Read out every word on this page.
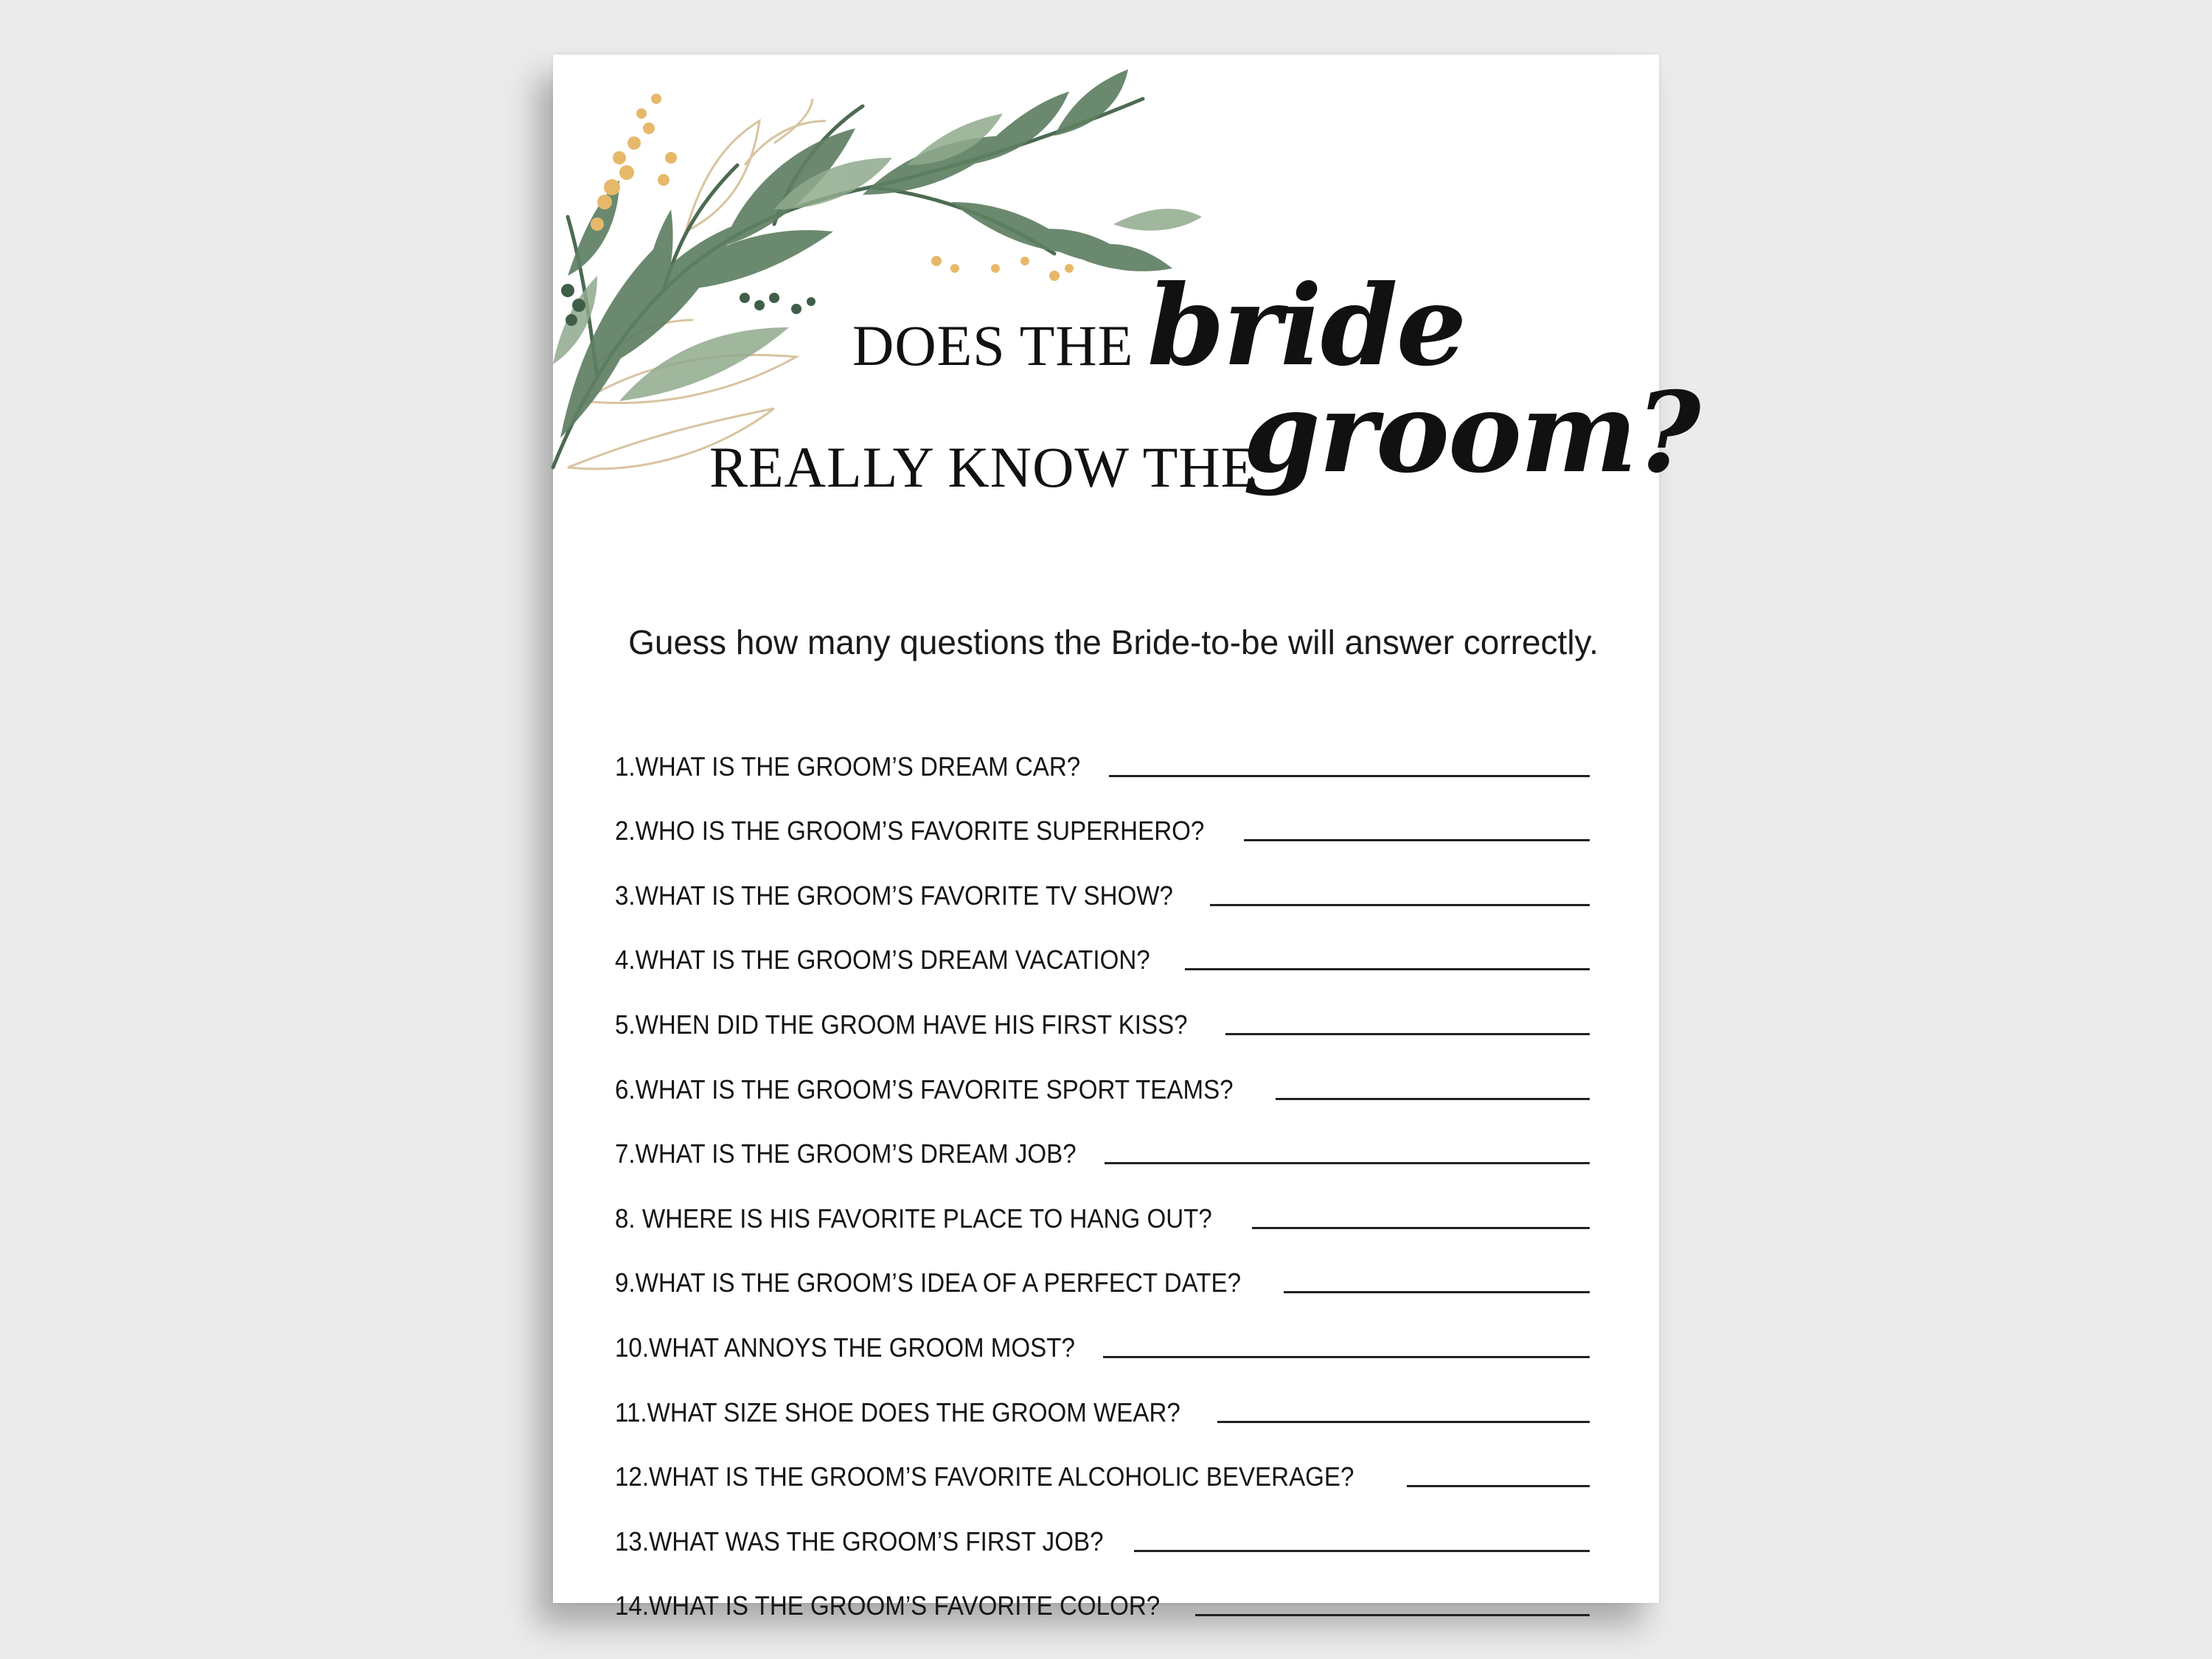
DOES THE bride
REALLY KNOW THE
groom?
Guess how many questions the Bride-to-be will answer correctly.
1.WHAT IS THE GROOM’S DREAM CAR?
2.WHO IS THE GROOM’S FAVORITE SUPERHERO?
3.WHAT IS THE GROOM’S FAVORITE TV SHOW?
4.WHAT IS THE GROOM’S DREAM VACATION?
5.WHEN DID THE GROOM HAVE HIS FIRST KISS?
6.WHAT IS THE GROOM’S FAVORITE SPORT TEAMS?
7.WHAT IS THE GROOM’S DREAM JOB?
8. WHERE IS HIS FAVORITE PLACE TO HANG OUT?
9.WHAT IS THE GROOM’S IDEA OF A PERFECT DATE?
10.WHAT ANNOYS THE GROOM MOST?
11.WHAT SIZE SHOE DOES THE GROOM WEAR?
12.WHAT IS THE GROOM’S FAVORITE ALCOHOLIC BEVERAGE?
13.WHAT WAS THE GROOM’S FIRST JOB?
14.WHAT IS THE GROOM’S FAVORITE COLOR?
